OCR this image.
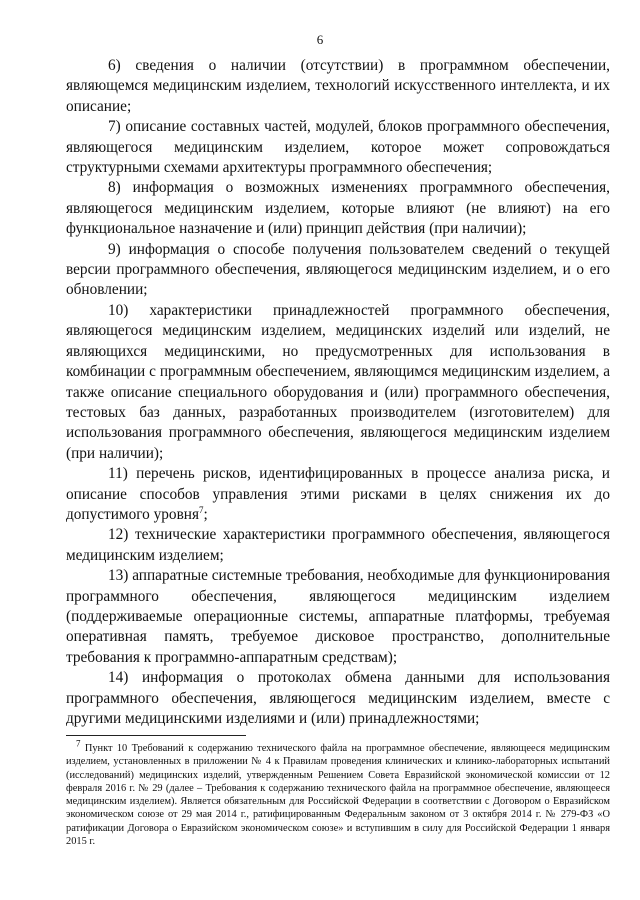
6

6) сведения о наличии (отсутствии) в программном обеспечении, являющемся медицинским изделием, технологий искусственного интеллекта, и их описание;

7) описание составных частей, модулей, блоков программного обеспечения, являющегося медицинским изделием, которое может сопровождаться структурными схемами архитектуры программного обеспечения;

8) информация о возможных изменениях программного обеспечения, являющегося медицинским изделием, которые влияют (не влияют) на его функциональное назначение и (или) принцип действия (при наличии);

9) информация о способе получения пользователем сведений о текущей версии программного обеспечения, являющегося медицинским изделием, и о его обновлении;

10) характеристики принадлежностей программного обеспечения, являющегося медицинским изделием, медицинских изделий или изделий, не являющихся медицинскими, но предусмотренных для использования в комбинации с программным обеспечением, являющимся медицинским изделием, а также описание специального оборудования и (или) программного обеспечения, тестовых баз данных, разработанных производителем (изготовителем) для использования программного обеспечения, являющегося медицинским изделием (при наличии);

11) перечень рисков, идентифицированных в процессе анализа риска, и описание способов управления этими рисками в целях снижения их до допустимого уровня$^7$;

12) технические характеристики программного обеспечения, являющегося медицинским изделием;

13) аппаратные системные требования, необходимые для функционирования программного обеспечения, являющегося медицинским изделием (поддерживаемые операционные системы, аппаратные платформы, требуемая оперативная память, требуемое дисковое пространство, дополнительные требования к программно-аппаратным средствам);

14) информация о протоколах обмена данными для использования программного обеспечения, являющегося медицинским изделием, вместе с другими медицинскими изделиями и (или) принадлежностями;

$^7$ Пункт 10 Требований к содержанию технического файла на программное обеспечение, являющееся медицинским изделием, установленных в приложении № 4 к Правилам проведения клинических и клинико-лабораторных испытаний (исследований) медицинских изделий, утвержденным Решением Совета Евразийской экономической комиссии от 12 февраля 2016 г. № 29 (далее – Требования к содержанию технического файла на программное обеспечение, являющееся медицинским изделием). Является обязательным для Российской Федерации в соответствии с Договором о Евразийском экономическом союзе от 29 мая 2014 г., ратифицированным Федеральным законом от 3 октября 2014 г. № 279-ФЗ «О ратификации Договора о Евразийском экономическом союзе» и вступившим в силу для Российской Федерации 1 января 2015 г.
